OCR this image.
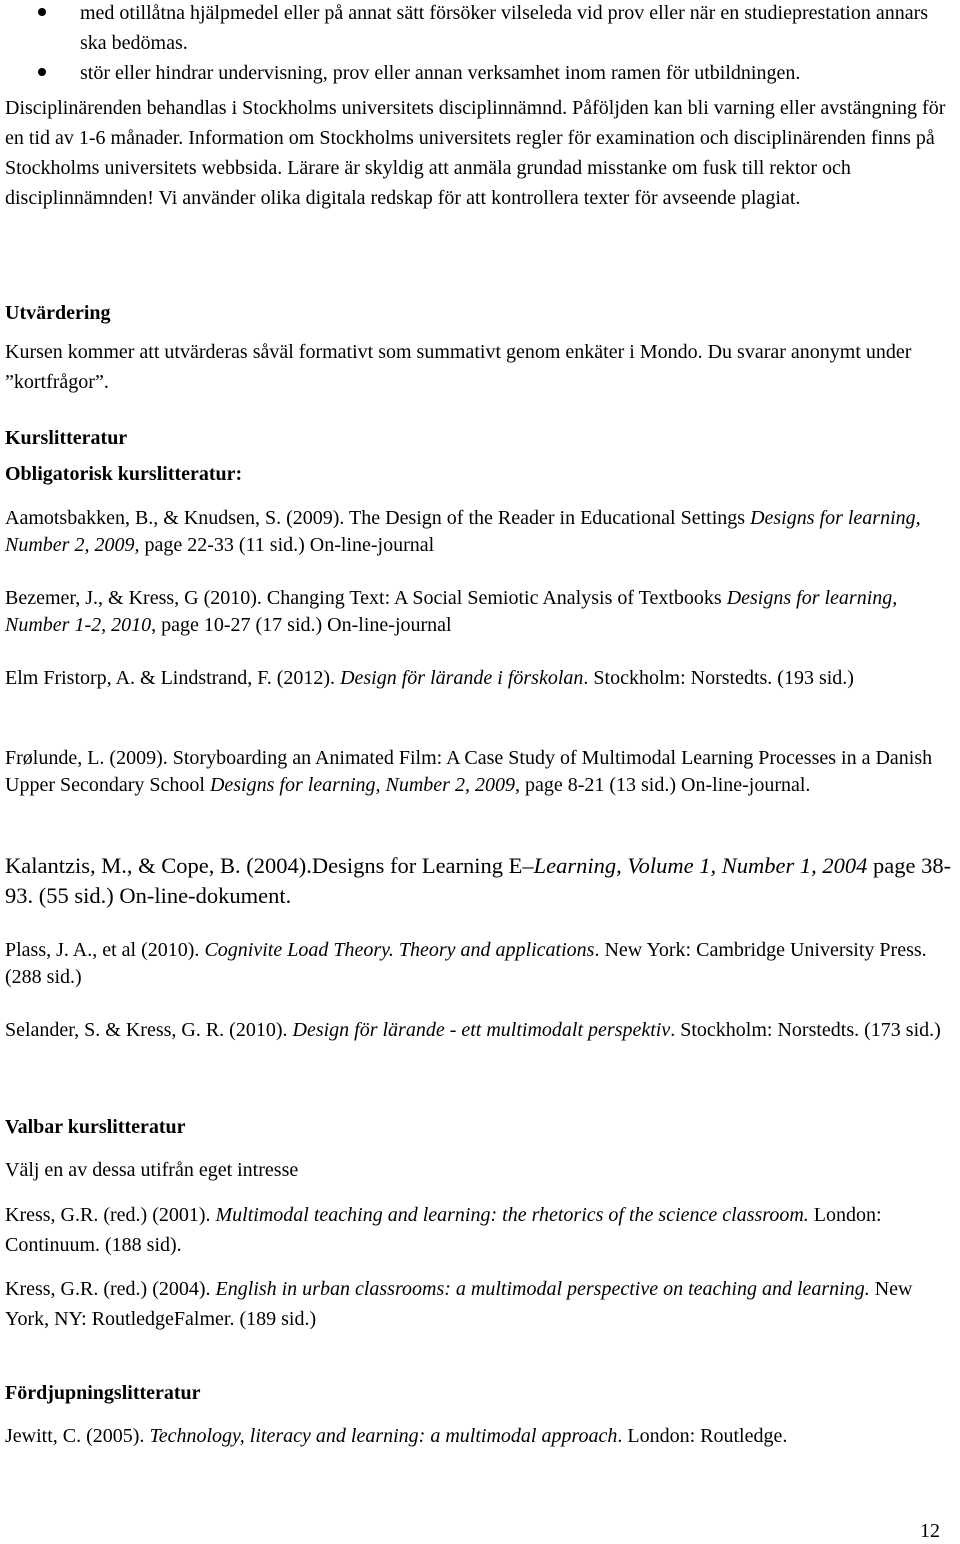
med otillåtna hjälpmedel eller på annat sätt försöker vilseleda vid prov eller när en studieprestation annars ska bedömas.
stör eller hindrar undervisning, prov eller annan verksamhet inom ramen för utbildningen.

Disciplinärenden behandlas i Stockholms universitets disciplinnämnd. Påföljden kan bli varning eller avstängning för en tid av 1-6 månader. Information om Stockholms universitets regler för examination och disciplinärenden finns på Stockholms universitets webbsida. Lärare är skyldig att anmäla grundad misstanke om fusk till rektor och disciplinnämnden! Vi använder olika digitala redskap för att kontrollera texter för avseende plagiat.

Utvärdering

Kursen kommer att utvärderas såväl formativt som summativt genom enkäter i Mondo. Du svarar anonymt under ”kortfrågor”.

Kurslitteratur
Obligatorisk kurslitteratur:

Aamotsbakken, B., & Knudsen, S. (2009). The Design of the Reader in Educational Settings Designs for learning, Number 2, 2009, page 22-33 (11 sid.) On-line-journal

Bezemer, J., & Kress, G (2010). Changing Text: A Social Semiotic Analysis of Textbooks Designs for learning, Number 1-2, 2010, page 10-27 (17 sid.) On-line-journal

Elm Fristorp, A. & Lindstrand, F. (2012). Design för lärande i förskolan. Stockholm: Norstedts. (193 sid.)

Frølunde, L. (2009). Storyboarding an Animated Film: A Case Study of Multimodal Learning Processes in a Danish Upper Secondary School Designs for learning, Number 2, 2009, page 8-21 (13 sid.) On-line-journal.

Kalantzis, M., & Cope, B. (2004).Designs for Learning E–Learning, Volume 1, Number 1, 2004 page 38-93. (55 sid.) On-line-dokument.

Plass, J. A., et al (2010). Cognivite Load Theory. Theory and applications. New York: Cambridge University Press. (288 sid.)

Selander, S. & Kress, G. R. (2010). Design för lärande - ett multimodalt perspektiv. Stockholm: Norstedts. (173 sid.)

Valbar kurslitteratur

Välj en av dessa utifrån eget intresse

Kress, G.R. (red.) (2001). Multimodal teaching and learning: the rhetorics of the science classroom. London: Continuum. (188 sid).

Kress, G.R. (red.) (2004). English in urban classrooms: a multimodal perspective on teaching and learning. New York, NY: RoutledgeFalmer. (189 sid.)

Fördjupningslitteratur

Jewitt, C. (2005). Technology, literacy and learning: a multimodal approach. London: Routledge.

12
